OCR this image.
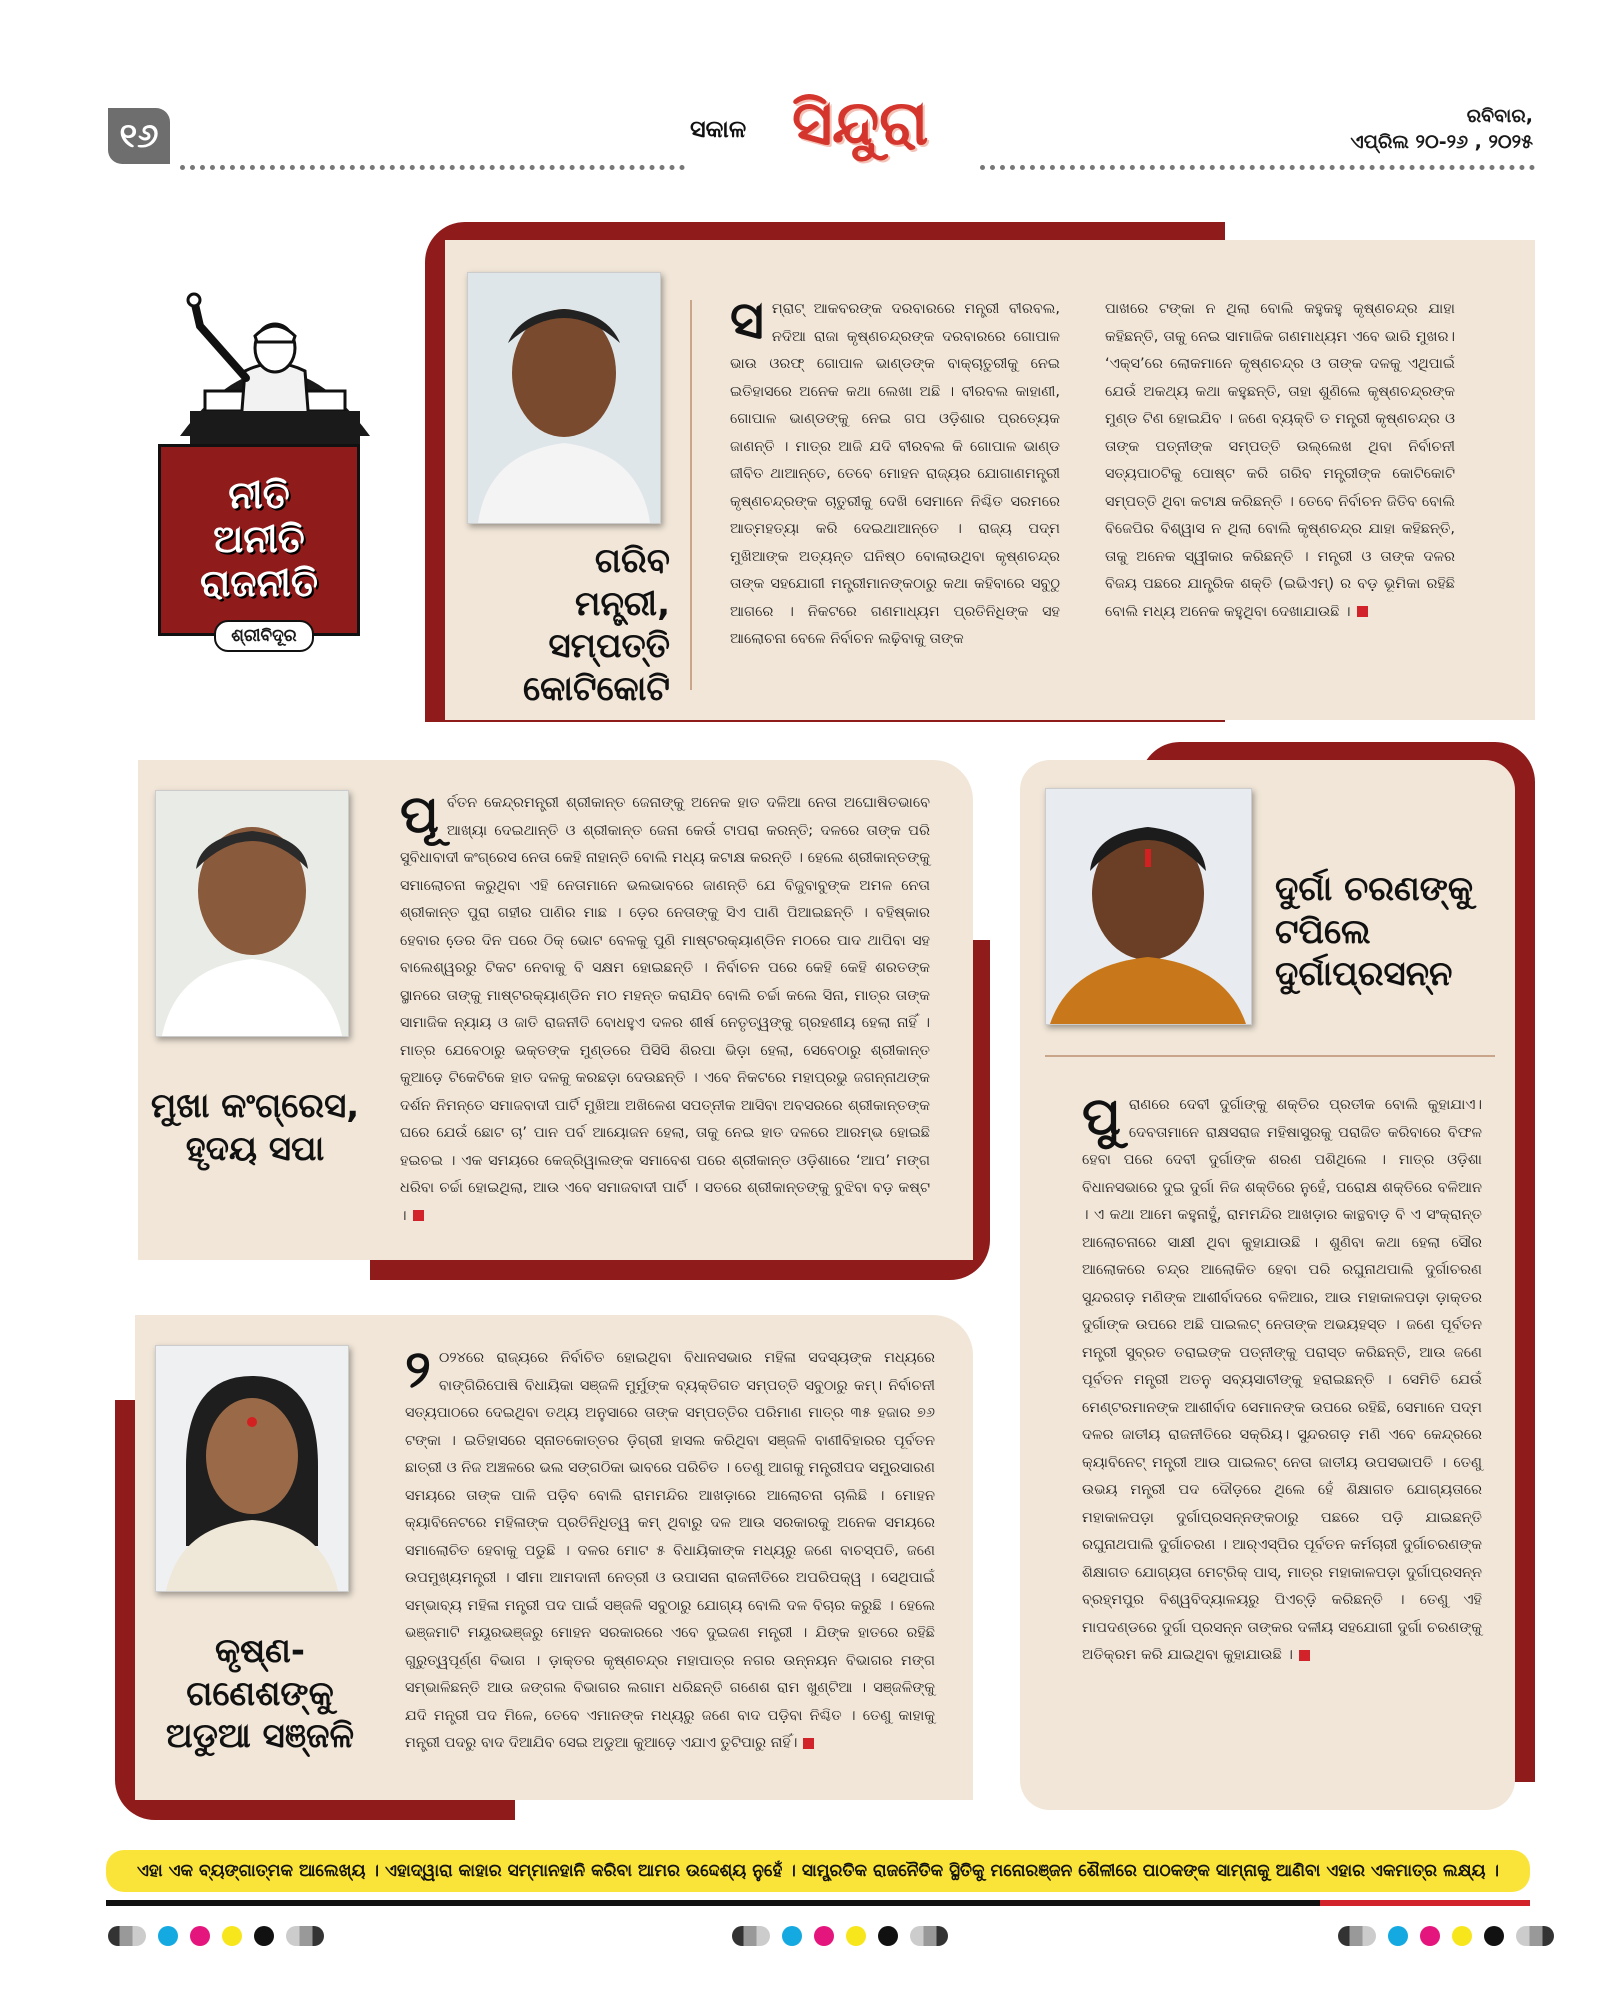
୧୬	ସକାଳ ସିନ୍ଦୁରା	ରବିବାର,
ଏପ୍ରିଲ ୨୦-୨୬ , ୨୦୨୫
ନୀତି
ଅନୀତି
ରାଜନୀତି
ଶ୍ରୀବିଦୂର
ଗରିବ
ମନ୍ତ୍ରୀ, ସମ୍ପତ୍ତି
କୋଟିକୋଟି
ସ ମ୍ରାଟ୍ ଆକବରଙ୍କ ଦରବାରରେ ମନ୍ତ୍ରୀ ବୀରବଲ, ନଦିଆ ରାଜା କୃଷ୍ଣଚନ୍ଦ୍ରଙ୍କ ଦରବାରରେ ଗୋପାଳ ଭାଉ ଓରଫ୍ ଗୋପାଳ ଭାଣ୍ଡଙ୍କ ବାକ୍‌ଚାତୁରୀକୁ ନେଇ ଇତିହାସରେ ଅନେକ କଥା ଲେଖା ଅଛି । ବୀରବଲ କାହାଣୀ, ଗୋପାଳ ଭାଣ୍ଡଙ୍କୁ ନେଇ ଗପ ଓଡ଼ିଶାର ପ୍ରତ୍ୟେକ ଜାଣନ୍ତି । ମାତ୍ର ଆଜି ଯଦି ବୀରବଲ କି ଗୋପାଳ ଭାଣ୍ଡ ଜୀବିତ ଥାଆନ୍ତେ, ତେବେ ମୋହନ ରାଜ୍ୟର ଯୋଗାଣମନ୍ତ୍ରୀ କୃଷ୍ଣଚନ୍ଦ୍ରଙ୍କ ଚାତୁରୀକୁ ଦେଖି ସେମାନେ ନିଶ୍ଚିତ ସରମରେ ଆତ୍ମହତ୍ୟା କରି ଦେଇଥାଆନ୍ତେ । ରାଜ୍ୟ ପଦ୍ମ ମୁଖିଆଙ୍କ ଅତ୍ୟନ୍ତ ଘନିଷ୍ଠ ବୋଲାଉଥିବା କୃଷ୍ଣଚନ୍ଦ୍ର ତାଙ୍କ ସହଯୋଗୀ ମନ୍ତ୍ରୀମାନଙ୍କଠାରୁ କଥା କହିବାରେ ସବୁଠୁ ଆଗରେ । ନିକଟରେ ଗଣମାଧ୍ୟମ ପ୍ରତିନିଧିଙ୍କ ସହ ଆଲୋଚନା ବେଳେ ନିର୍ବାଚନ ଲଢ଼ିବାକୁ ତାଙ୍କ
ପାଖରେ ଟଙ୍କା ନ ଥିଲା ବୋଲି କହୁକହୁ କୃଷ୍ଣଚନ୍ଦ୍ର ଯାହା କହିଛନ୍ତି, ତାକୁ ନେଇ ସାମାଜିକ ଗଣମାଧ୍ୟମ ଏବେ ଭାରି ମୁଖର। ‘ଏକ୍ସ’ରେ ଲୋକମାନେ କୃଷ୍ଣଚନ୍ଦ୍ର ଓ ତାଙ୍କ ଦଳକୁ ଏଥିପାଇଁ ଯେଉଁ ଅକଥ୍ୟ କଥା କହୁଛନ୍ତି, ତାହା ଶୁଣିଲେ କୃଷ୍ଣଚନ୍ଦ୍ରଙ୍କ ମୁଣ୍ଡ ଟିଣ ହୋଇଯିବ । ଜଣେ ବ୍ୟକ୍ତି ତ ମନ୍ତ୍ରୀ କୃଷ୍ଣଚନ୍ଦ୍ର ଓ ତାଙ୍କ ପତ୍ନୀଙ୍କ ସମ୍ପତ୍ତି ଉଲ୍ଲେଖ ଥିବା ନିର୍ବାଚନୀ ସତ୍ୟପାଠଟିକୁ ପୋଷ୍ଟ କରି ଗରିବ ମନ୍ତ୍ରୀଙ୍କ କୋଟିକୋଟି ସମ୍ପତ୍ତି ଥିବା କଟାକ୍ଷ କରିଛନ୍ତି । ତେବେ ନିର୍ବାଚନ ଜିତିବ ବୋଲି ବିଜେପିର ବିଶ୍ୱାସ ନ ଥିଲା ବୋଲି କୃଷ୍ଣଚନ୍ଦ୍ର ଯାହା କହିଛନ୍ତି, ତାକୁ ଅନେକ ସ୍ୱୀକାର କରିଛନ୍ତି । ମନ୍ତ୍ରୀ ଓ ତାଙ୍କ ଦଳର ବିଜୟ ପଛରେ ଯାନ୍ତ୍ରିକ ଶକ୍ତି (ଇଭିଏମ୍) ର ବଡ଼ ଭୂମିକା ରହିଛି ବୋଲି ମଧ୍ୟ ଅନେକ କହୁଥିବା ଦେଖାଯାଉଛି ।
ମୁଖା କଂଗ୍ରେସ,
ହୃଦୟ ସପା
ପୂ ର୍ବତନ କେନ୍ଦ୍ରମନ୍ତ୍ରୀ ଶ୍ରୀକାନ୍ତ ଜେନାଙ୍କୁ ଅନେକ ହାତ ଦଳିଆ ନେତା ଅଘୋଷିତଭାବେ ଆଖ୍ୟା ଦେଇଥାନ୍ତି ଓ ଶ୍ରୀକାନ୍ତ ଜେନା କେଉଁ ଟାପରା କରନ୍ତି; ଦଳରେ ତାଙ୍କ ପରି ସୁବିଧାବାଦୀ କଂଗ୍ରେସ ନେତା କେହି ନାହାନ୍ତି ବୋଲି ମଧ୍ୟ କଟାକ୍ଷ କରନ୍ତି । ହେଲେ ଶ୍ରୀକାନ୍ତଙ୍କୁ ସମାଲୋଚନା କରୁଥିବା ଏହି ନେତାମାନେ ଭଲଭାବରେ ଜାଣନ୍ତି ଯେ ବିଜୁବାବୁଙ୍କ ଅମଳ ନେତା ଶ୍ରୀକାନ୍ତ ପୁରା ଗହୀର ପାଣିର ମାଛ । ଡ଼େର ନେତାଙ୍କୁ ସିଏ ପାଣି ପିଆଇଛନ୍ତି । ବହିଷ୍କାର ହେବାର ଡେ଼ର ଦିନ ପରେ ଠିକ୍ ଭୋଟ ବେଳକୁ ପୁଣି ମାଷ୍ଟରକ୍ୟାଣ୍ଡିନ ମଠରେ ପାଦ ଥାପିବା ସହ ବାଲେଶ୍ୱରରୁ ଟିକଟ ନେବାକୁ ବି ସକ୍ଷମ ହୋଇଛନ୍ତି । ନିର୍ବାଚନ ପରେ କେହି କେହି ଶରତଙ୍କ ସ୍ଥାନରେ ତାଙ୍କୁ ମାଷ୍ଟରକ୍ୟାଣ୍ଡିନ ମଠ ମହନ୍ତ କରାଯିବ ବୋଲି ଚର୍ଚ୍ଚା କଲେ ସିନା, ମାତ୍ର ତାଙ୍କ ସାମାଜିକ ନ୍ୟାୟ ଓ ଜାତି ରାଜନୀତି ବୋଧହୁଏ ଦଳର ଶୀର୍ଷ ନେତୃତ୍ୱଙ୍କୁ ଗ୍ରହଣୀୟ ହେଲା ନାହିଁ । ମାତ୍ର ଯେବେଠାରୁ ଭକ୍ତଙ୍କ ମୁଣ୍ଡରେ ପିସିସି ଶିରପା ଭିଡ଼ା ହେଲା, ସେବେଠାରୁ ଶ୍ରୀକାନ୍ତ କୁଆଡ଼େ ଟିକେଟିକେ ହାତ ଦଳକୁ କରଛଡ଼ା ଦେଉଛନ୍ତି । ଏବେ ନିକଟରେ ମହାପ୍ରଭୁ ଜଗନ୍ନାଥଙ୍କ ଦର୍ଶନ ନିମନ୍ତେ ସମାଜବାଦୀ ପାର୍ଟି ମୁଖିଆ ଅଖିଳେଶ ସପତ୍ନୀକ ଆସିବା ଅବସରରେ ଶ୍ରୀକାନ୍ତଙ୍କ ଘରେ ଯେଉଁ ଛୋଟ ଚା’ ପାନ ପର୍ବ ଆୟୋଜନ ହେଲା, ତାକୁ ନେଇ ହାତ ଦଳରେ ଆରମ୍ଭ ହୋଇଛି ହଇଚଇ । ଏକ ସମୟରେ କେଜ୍ରିୱାଲଙ୍କ ସମାବେଶ ପରେ ଶ୍ରୀକାନ୍ତ ଓଡ଼ିଶାରେ ‘ଆପ’ ମଙ୍ଗ ଧରିବା ଚର୍ଚ୍ଚା ହୋଇଥିଲା, ଆଉ ଏବେ ସମାଜବାଦୀ ପାର୍ଟି । ସତରେ ଶ୍ରୀକାନ୍ତଙ୍କୁ ବୁଝିବା ବଡ଼ କଷ୍ଟ ।
ଦୁର୍ଗା ଚରଣଙ୍କୁ
ଟପିଲେ
ଦୁର୍ଗାପ୍ରସନ୍ନ
ପୁ ରାଣରେ ଦେବୀ ଦୁର୍ଗାଙ୍କୁ ଶକ୍ତିର ପ୍ରତୀକ ବୋଲି କୁହାଯାଏ। ଦେବତାମାନେ ରାକ୍ଷସରାଜ ମହିଷାସୁରକୁ ପରାଜିତ କରିବାରେ ବିଫଳ ହେବା ପରେ ଦେବୀ ଦୁର୍ଗାଙ୍କ ଶରଣ ପଶିଥିଲେ । ମାତ୍ର ଓଡ଼ିଶା ବିଧାନସଭାରେ ଦୁଇ ଦୁର୍ଗା ନିଜ ଶକ୍ତିରେ ନୁହେଁ, ପରୋକ୍ଷ ଶକ୍ତିରେ ବଳିଆନ । ଏ କଥା ଆମେ କହୁନାହୁଁ, ରାମମନ୍ଦିର ଆଖଡ଼ାର କାନ୍ଥବାଡ଼ ବି ଏ ସଂକ୍ରାନ୍ତ ଆଲୋଚନାରେ ସାକ୍ଷୀ ଥିବା କୁହାଯାଉଛି । ଶୁଣିବା କଥା ହେଲା ସୌର ଆଲୋକରେ ଚନ୍ଦ୍ର ଆଲୋକିତ ହେବା ପରି ରଘୁନାଥପାଲି ଦୁର୍ଗାଚରଣ ସୁନ୍ଦରଗଡ଼ ମଣିଙ୍କ ଆଶୀର୍ବାଦରେ ବଳିଆର, ଆଉ ମହାକାଳପଡ଼ା ଡ଼ାକ୍ତର ଦୁର୍ଗାଙ୍କ ଉପରେ ଅଛି ପାଇଲଟ୍ ନେତାଙ୍କ ଅଭୟହସ୍ତ । ଜଣେ ପୂର୍ବତନ ମନ୍ତ୍ରୀ ସୁବ୍ରତ ତରାଇଙ୍କ ପତ୍ନୀଙ୍କୁ ପରାସ୍ତ କରିଛନ୍ତି, ଆଉ ଜଣେ ପୂର୍ବତନ ମନ୍ତ୍ରୀ ଅତନୁ ସବ୍ୟସାଚୀଙ୍କୁ ହରାଇଛନ୍ତି । ସେମିତି ଯେଉଁ ମେଣ୍ଟରମାନଙ୍କ ଆଶୀର୍ବାଦ ସେମାନଙ୍କ ଉପରେ ରହିଛି, ସେମାନେ ପଦ୍ମ ଦଳର ଜାତୀୟ ରାଜନୀତିରେ ସକ୍ରିୟ। ସୁନ୍ଦରଗଡ଼ ମଣି ଏବେ କେନ୍ଦ୍ରରେ କ୍ୟାବିନେଟ୍ ମନ୍ତ୍ରୀ ଆଉ ପାଇଲଟ୍ ନେତା ଜାତୀୟ ଉପସଭାପତି । ତେଣୁ ଉଭୟ ମନ୍ତ୍ରୀ ପଦ ଦୌଡ଼ରେ ଥିଲେ ହେଁ ଶିକ୍ଷାଗତ ଯୋଗ୍ୟତାରେ ମହାକାଳପଡ଼ା ଦୁର୍ଗାପ୍ରସନ୍ନଙ୍କଠାରୁ ପଛରେ ପଡ଼ି ଯାଇଛନ୍ତି ରଘୁନାଥପାଲି ଦୁର୍ଗାଚରଣ । ଆର୍‌ଏସ୍‌ପିର ପୂର୍ବତନ କର୍ମଚାରୀ ଦୁର୍ଗାଚରଣଙ୍କ ଶିକ୍ଷାଗତ ଯୋଗ୍ୟତା ମେଟ୍ରିକ୍ ପାସ୍, ମାତ୍ର ମହାକାଳପଡ଼ା ଦୁର୍ଗାପ୍ରସନ୍ନ ବ୍ରହ୍ମପୁର ବିଶ୍ୱବିଦ୍ୟାଳୟରୁ ପିଏଚ୍‌ଡ଼ି କରିଛନ୍ତି । ତେଣୁ ଏହି ମାପଦଣ୍ଡରେ ଦୁର୍ଗା ପ୍ରସନ୍ନ ତାଙ୍କର ଦଳୀୟ ସହଯୋଗୀ ଦୁର୍ଗା ଚରଣଙ୍କୁ ଅତିକ୍ରମ କରି ଯାଇଥିବା କୁହାଯାଉଛି ।
କୃଷ୍ଣ-ଗଣେଶଙ୍କୁ
ଅଡୁଆ ସଞ୍ଜଳି
୨ ୦୨୪ରେ ରାଜ୍ୟରେ ନିର୍ବାଚିତ ହୋଇଥିବା ବିଧାନସଭାର ମହିଳା ସଦସ୍ୟଙ୍କ ମଧ୍ୟରେ ବାଙ୍ଗିରିପୋଷି ବିଧାୟିକା ସଞ୍ଜଳି ମୁର୍ମୁଙ୍କ ବ୍ୟକ୍ତିଗତ ସମ୍ପତ୍ତି ସବୁଠାରୁ କମ୍। ନିର୍ବାଚନୀ ସତ୍ୟପାଠରେ ଦେଇଥିବା ତଥ୍ୟ ଅନୁସାରେ ତାଙ୍କ ସମ୍ପତ୍ତିର ପରିମାଣ ମାତ୍ର ୩୫ ହଜାର ୭୬ ଟଙ୍କା । ଇତିହାସରେ ସ୍ନାତକୋତ୍ତର ଡ଼ିଗ୍ରୀ ହାସଲ କରିଥିବା ସଞ୍ଜଳି ବାଣୀବିହାରର ପୂର୍ବତନ ଛାତ୍ରୀ ଓ ନିଜ ଅଞ୍ଚଳରେ ଭଲ ସଙ୍ଗଠିକା ଭାବରେ ପରିଚିତ । ତେଣୁ ଆଗକୁ ମନ୍ତ୍ରୀପଦ ସମ୍ପ୍ରସାରଣ ସମୟରେ ତାଙ୍କ ପାଳି ପଡ଼ିବ ବୋଲି ରାମମନ୍ଦିର ଆଖଡ଼ାରେ ଆଲୋଚନା ଚାଲିଛି । ମୋହନ କ୍ୟାବିନେଟରେ ମହିଳାଙ୍କ ପ୍ରତିନିଧିତ୍ୱ କମ୍ ଥିବାରୁ ଦଳ ଆଉ ସରକାରକୁ ଅନେକ ସମୟରେ ସମାଲୋଚିତ ହେବାକୁ ପଡୁଛି । ଦଳର ମୋଟ ୫ ବିଧାୟିକାଙ୍କ ମଧ୍ୟରୁ ଜଣେ ବାଚସ୍ପତି, ଜଣେ ଉପମୁଖ୍ୟମନ୍ତ୍ରୀ । ସୀମା ଆମଦାନୀ ନେତ୍ରୀ ଓ ଉପାସନା ରାଜନୀତିରେ ଅପରିପକ୍ୱ । ସେଥିପାଇଁ ସମ୍ଭାବ୍ୟ ମହିଳା ମନ୍ତ୍ରୀ ପଦ ପାଇଁ ସଞ୍ଜଳି ସବୁଠାରୁ ଯୋଗ୍ୟ ବୋଲି ଦଳ ବିଚାର କରୁଛି । ହେଲେ ଭଞ୍ଜମାଟି ମୟୂରଭଞ୍ଜରୁ ମୋହନ ସରକାରରେ ଏବେ ଦୁଇଜଣ ମନ୍ତ୍ରୀ । ଯିଙ୍କ ହାତରେ ରହିଛି ଗୁରୁତ୍ୱପୂର୍ଣ୍ଣ ବିଭାଗ । ଡ଼ାକ୍ତର କୃଷ୍ଣଚନ୍ଦ୍ର ମହାପାତ୍ର ନଗର ଉନ୍ନୟନ ବିଭାଗର ମଙ୍ଗ ସମ୍ଭାଳିଛନ୍ତି ଆଉ ଜଙ୍ଗଲ ବିଭାଗର ଲଗାମ ଧରିଛନ୍ତି ଗଣେଶ ରାମ ଖୁଣ୍ଟିଆ । ସଞ୍ଜଳିଙ୍କୁ ଯଦି ମନ୍ତ୍ରୀ ପଦ ମିଳେ, ତେବେ ଏମାନଙ୍କ ମଧ୍ୟରୁ ଜଣେ ବାଦ ପଡ଼ିବା ନିଶ୍ଚିତ । ତେଣୁ କାହାକୁ ମନ୍ତ୍ରୀ ପଦରୁ ବାଦ ଦିଆଯିବ ସେଇ ଅଡୁଆ କୁଆଡ଼େ ଏଯାଏ ତୁଟିପାରୁ ନାହିଁ।
ଏହା ଏକ ବ୍ୟଙ୍ଗାତ୍ମକ ଆଲେଖ୍ୟ । ଏହାଦ୍ୱାରା କାହାର ସମ୍ମାନହାନି କରିବା ଆମର ଉଦ୍ଦେଶ୍ୟ ନୁହେଁ । ସାମ୍ପ୍ରତିକ ରାଜନୈତିକ ସ୍ଥିତିକୁ ମନୋରଞ୍ଜନ ଶୈଳୀରେ ପାଠକଙ୍କ ସାମ୍ନାକୁ ଆଣିବା ଏହାର ଏକମାତ୍ର ଲକ୍ଷ୍ୟ ।
